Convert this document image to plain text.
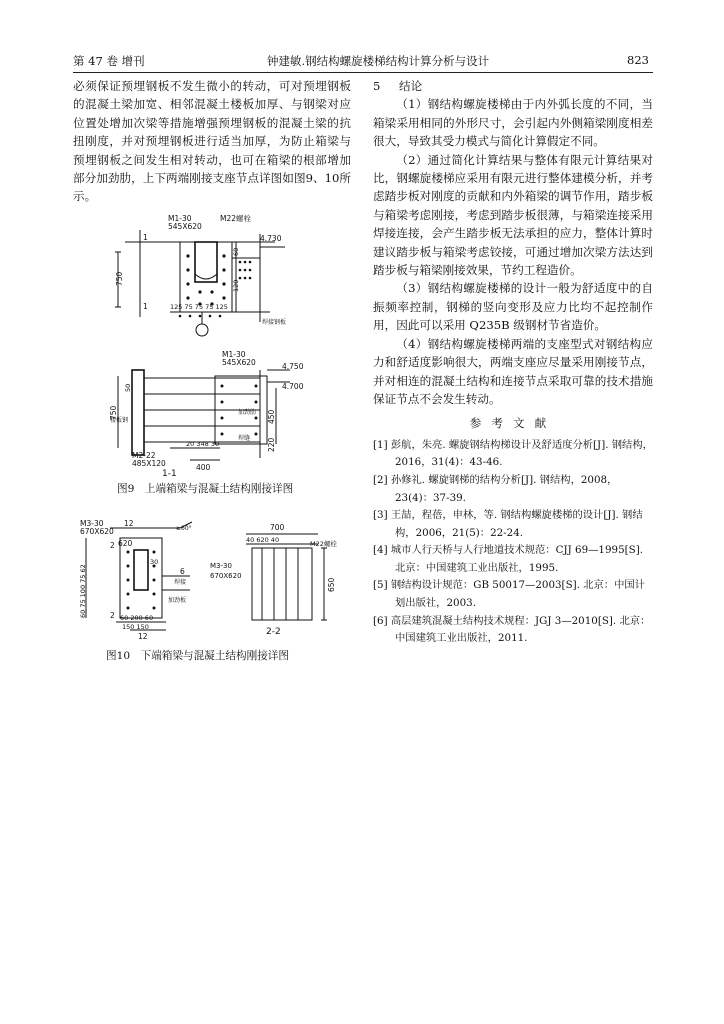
第 47 卷 增刊	钟建敏.钢结构螺旋楼梯结构计算分析与设计	823

必须保证预埋钢板不发生微小的转动，可对预埋钢板的混凝土梁加宽、相邻混凝土楼板加厚、与钢梁对应位置处增加次梁等措施增强预埋钢板的混凝土梁的抗扭刚度，并对预埋钢板进行适当加厚，为防止箱梁与预埋钢板之间发生相对转动，也可在箱梁的根部增加部分加劲肋，上下两端刚接支座节点详图如图9、10所示。

M1-30
545X620
M22螺栓
4.730
750
60
120
125 75 75 75 125
1
1
焊接钢板
M1-30
545X620	4.750
4.700
750	450
220
50
M2-22
485X120
20 348 30
400
加劲肋
焊缝
楼板钢
1-1
图9　上端箱梁与混凝土结构刚接详图
M3-30
670X620
12
620
6
30
60 75 100 75 62	60 200 60
150 150
12
2
2
焊接
加劲板
≥60°	700
40 620 40	M22螺栓
M3-30
670X620
650
2-2
图10　下端箱梁与混凝土结构刚接详图
5 结论

（1）钢结构螺旋楼梯由于内外弧长度的不同，当箱梁采用相同的外形尺寸，会引起内外侧箱梁刚度相差很大，导致其受力模式与简化计算假定不同。

（2）通过简化计算结果与整体有限元计算结果对比，钢螺旋楼梯应采用有限元进行整体建模分析，并考虑踏步板对刚度的贡献和内外箱梁的调节作用，踏步板与箱梁考虑刚接，考虑到踏步板很薄，与箱梁连接采用焊接连接，会产生踏步板无法承担的应力，整体计算时建议踏步板与箱梁考虑铰接，可通过增加次梁方法达到踏步板与箱梁刚接效果，节约工程造价。

（3）钢结构螺旋楼梯的设计一般为舒适度中的自振频率控制，钢梯的竖向变形及应力比均不起控制作用，因此可以采用 Q235B 级钢材节省造价。

（4）钢结构螺旋楼梯两端的支座型式对钢结构应力和舒适度影响很大，两端支座应尽量采用刚接节点，并对相连的混凝土结构和连接节点采取可靠的技术措施保证节点不会发生转动。

参考文献

[1] 彭航，朱亮. 螺旋钢结构梯设计及舒适度分析[J]. 钢结构，2016，31(4)：43-46.

[2] 孙修礼. 螺旋钢梯的结构分析[J]. 钢结构，2008，23(4)：37-39.

[3] 王喆，程蓓，申林，等. 钢结构螺旋楼梯的设计[J]. 钢结构，2006，21(5)：22-24.

[4] 城市人行天桥与人行地道技术规范：CJJ 69—1995[S]. 北京：中国建筑工业出版社，1995.

[5] 钢结构设计规范：GB 50017—2003[S]. 北京：中国计划出版社，2003.

[6] 高层建筑混凝土结构技术规程：JGJ 3—2010[S]. 北京：中国建筑工业出版社，2011.
